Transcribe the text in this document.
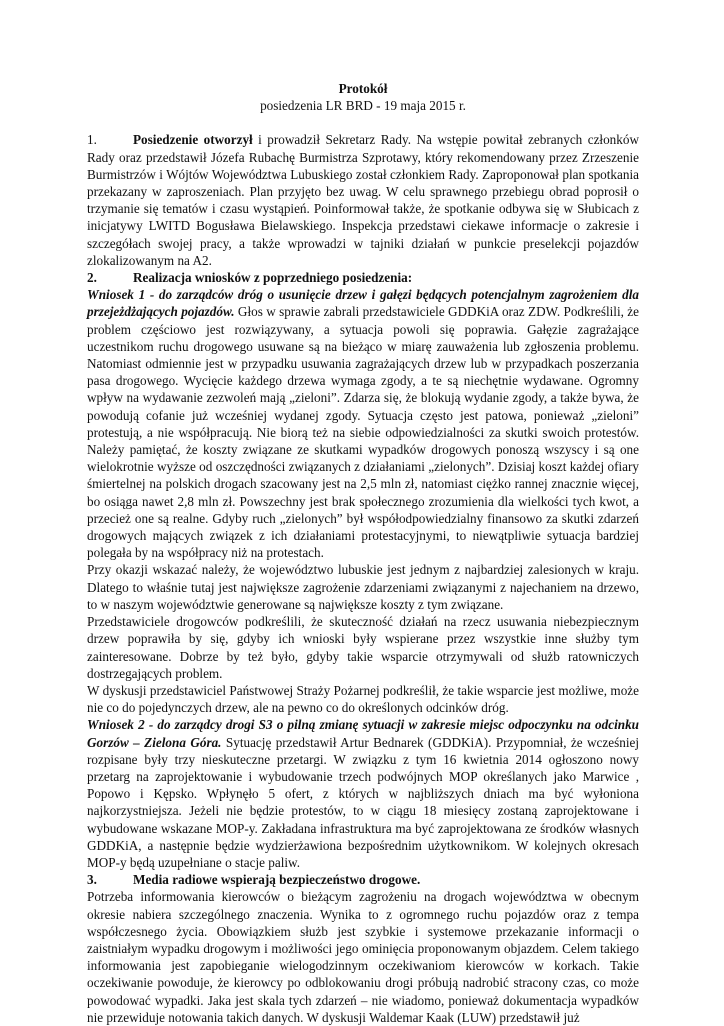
Protokół
posiedzenia LR BRD - 19 maja 2015 r.

1.	Posiedzenie otworzył i prowadził Sekretarz Rady. Na wstępie powitał zebranych członków Rady oraz przedstawił Józefa Rubachę Burmistrza Szprotawy, który rekomendowany przez Zrzeszenie Burmistrzów i Wójtów Województwa Lubuskiego został członkiem Rady. Zaproponował plan spotkania przekazany w zaproszeniach. Plan przyjęto bez uwag. W celu sprawnego przebiegu obrad poprosił o trzymanie się tematów i czasu wystąpień. Poinformował także, że spotkanie odbywa się w Słubicach z inicjatywy LWITD Bogusława Bielawskiego. Inspekcja przedstawi ciekawe informacje o zakresie i szczegółach swojej pracy, a także wprowadzi w tajniki działań w punkcie preselekcji pojazdów zlokalizowanym na A2.

2.	Realizacja wniosków z poprzedniego posiedzenia:

Wniosek 1 - do zarządców dróg o usunięcie drzew i gałęzi będących potencjalnym zagrożeniem dla przejeżdżających pojazdów. Głos w sprawie zabrali przedstawiciele GDDKiA oraz ZDW. Podkreślili, że problem częściowo jest rozwiązywany, a sytuacja powoli się poprawia. Gałęzie zagrażające uczestnikom ruchu drogowego usuwane są na bieżąco w miarę zauważenia lub zgłoszenia problemu. Natomiast odmiennie jest w przypadku usuwania zagrażających drzew lub w przypadkach poszerzania pasa drogowego. Wycięcie każdego drzewa wymaga zgody, a te są niechętnie wydawane. Ogromny wpływ na wydawanie zezwoleń mają „zieloni”. Zdarza się, że blokują wydanie zgody, a także bywa, że powodują cofanie już wcześniej wydanej zgody. Sytuacja często jest patowa, ponieważ „zieloni” protestują, a nie współpracują. Nie biorą też na siebie odpowiedzialności za skutki swoich protestów. Należy pamiętać, że koszty związane ze skutkami wypadków drogowych ponoszą wszyscy i są one wielokrotnie wyższe od oszczędności związanych z działaniami „zielonych”. Dzisiaj koszt każdej ofiary śmiertelnej na polskich drogach szacowany jest na 2,5 mln zł, natomiast ciężko rannej znacznie więcej, bo osiąga nawet 2,8 mln zł. Powszechny jest brak społecznego zrozumienia dla wielkości tych kwot, a przecież one są realne. Gdyby ruch „zielonych” był współodpowiedzialny finansowo za skutki zdarzeń drogowych mających związek z ich działaniami protestacyjnymi, to niewątpliwie sytuacja bardziej polegała by na współpracy niż na protestach.

Przy okazji wskazać należy, że województwo lubuskie jest jednym z najbardziej zalesionych w kraju. Dlatego to właśnie tutaj jest największe zagrożenie zdarzeniami związanymi z najechaniem na drzewo, to w naszym województwie generowane są największe koszty z tym związane.

Przedstawiciele drogowców podkreślili, że skuteczność działań na rzecz usuwania niebezpiecznym drzew poprawiła by się, gdyby ich wnioski były wspierane przez wszystkie inne służby tym zainteresowane. Dobrze by też było, gdyby takie wsparcie otrzymywali od służb ratowniczych dostrzegających problem.

W dyskusji przedstawiciel Państwowej Straży Pożarnej podkreślił, że takie wsparcie jest możliwe, może nie co do pojedynczych drzew, ale na pewno co do określonych odcinków dróg.

Wniosek 2 - do zarządcy drogi S3 o pilną zmianę sytuacji w zakresie miejsc odpoczynku na odcinku Gorzów – Zielona Góra. Sytuację przedstawił Artur Bednarek (GDDKiA). Przypomniał, że wcześniej rozpisane były trzy nieskuteczne przetargi. W związku z tym 16 kwietnia 2014 ogłoszono nowy przetarg na zaprojektowanie i wybudowanie trzech podwójnych MOP określanych jako Marwice , Popowo i Kępsko. Wpłynęło 5 ofert, z których w najbliższych dniach ma być wyłoniona najkorzystniejsza. Jeżeli nie będzie protestów, to w ciągu 18 miesięcy zostaną zaprojektowane i wybudowane wskazane MOP-y. Zakładana infrastruktura ma być zaprojektowana ze środków własnych GDDKiA, a następnie będzie wydzierżawiona bezpośrednim użytkownikom. W kolejnych okresach MOP-y będą uzupełniane o stacje paliw.

3.	Media radiowe wspierają bezpieczeństwo drogowe.

Potrzeba informowania kierowców o bieżącym zagrożeniu na drogach województwa w obecnym okresie nabiera szczególnego znaczenia. Wynika to z ogromnego ruchu pojazdów oraz z tempa współczesnego życia. Obowiązkiem służb jest szybkie i systemowe przekazanie informacji o zaistniałym wypadku drogowym i możliwości jego ominięcia proponowanym objazdem. Celem takiego informowania jest zapobieganie wielogodzinnym oczekiwaniom kierowców w korkach. Takie oczekiwanie powoduje, że kierowcy po odblokowaniu drogi próbują nadrobić stracony czas, co może powodować wypadki. Jaka jest skala tych zdarzeń – nie wiadomo, ponieważ dokumentacja wypadków nie przewiduje notowania takich danych. W dyskusji Waldemar Kaak (LUW) przedstawił już
